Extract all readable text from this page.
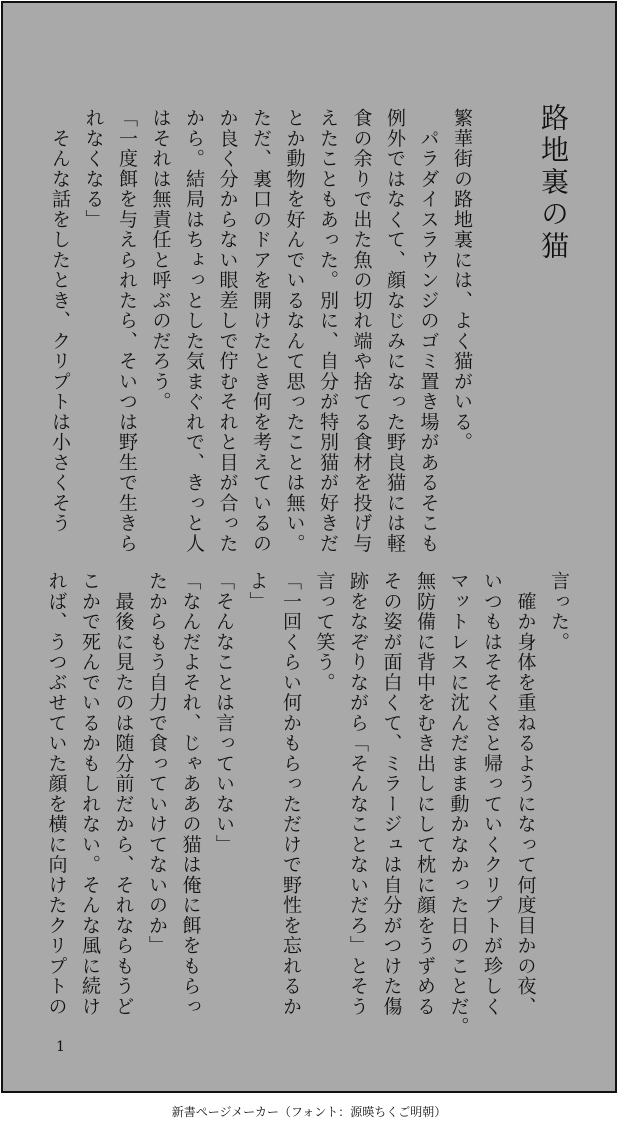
路地裏の猫
繁華街の路地裏には、よく猫がいる。
　パラダイスラウンジのゴミ置き場があるそこも
例外ではなくて、顔なじみになった野良猫には軽
食の余りで出た魚の切れ端や捨てる食材を投げ与
えたこともあった。別に、自分が特別猫が好きだ
とか動物を好んでいるなんて思ったことは無い。
ただ、裏口のドアを開けたとき何を考えているの
か良く分からない眼差しで佇むそれと目が合った
から。結局はちょっとした気まぐれで、きっと人
はそれは無責任と呼ぶのだろう。
「一度餌を与えられたら、そいつは野生で生きら
れなくなる」
　そんな話をしたとき、クリプトは小さくそう
言った。
　確か身体を重ねるようになって何度目かの夜、
いつもはそそくさと帰っていくクリプトが珍しく
マットレスに沈んだまま動かなかった日のことだ。
無防備に背中をむき出しにして枕に顔をうずめる
その姿が面白くて、ミラージュは自分がつけた傷
跡をなぞりながら「そんなことないだろ」とそう
言って笑う。
「一回くらい何かもらっただけで野性を忘れるか
よ」
「そんなことは言っていない」
「なんだよそれ、じゃああの猫は俺に餌をもらっ
たからもう自力で食っていけてないのか」
　最後に見たのは随分前だから、それならもうど
こかで死んでいるかもしれない。そんな風に続け
れば、うつぶせていた顔を横に向けたクリプトの
1
新書ページメーカー（フォント：源暎ちくご明朝）
